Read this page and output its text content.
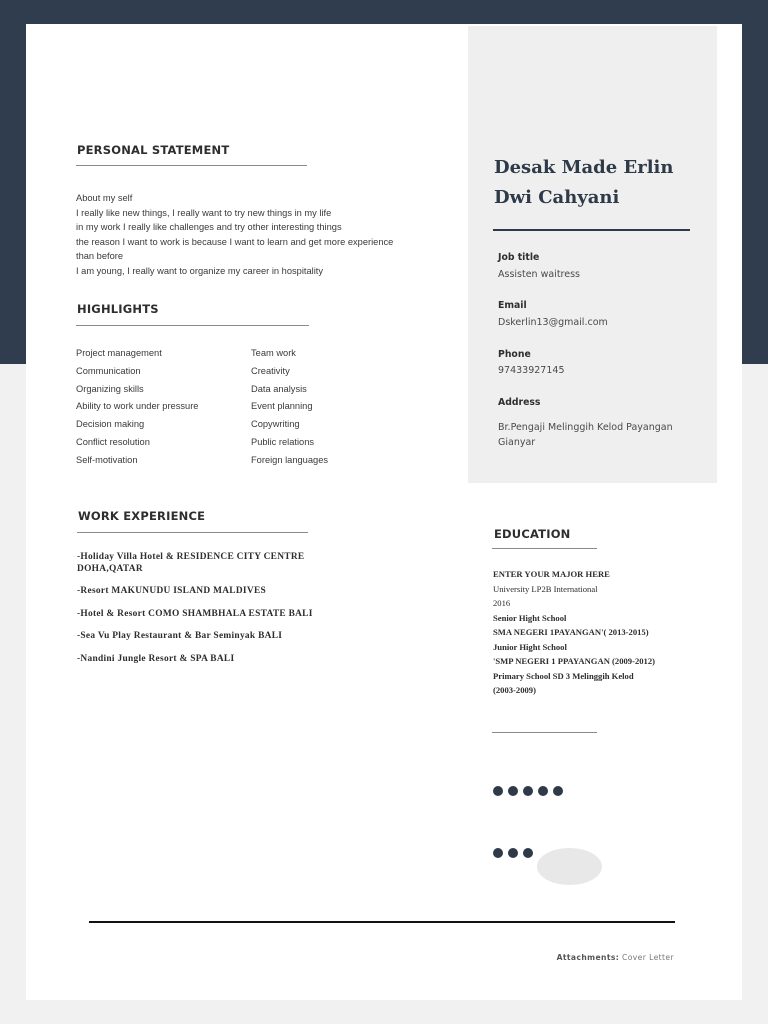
PERSONAL STATEMENT
About my self
I really like new things, I really want to try new things in my life
in my work I really like challenges and try other interesting things
the reason I want to work is because I want to learn and get more experience
than before
I am young, I really want to organize my career in hospitality
HIGHLIGHTS
Project management
Communication
Organizing skills
Ability to work under pressure
Decision making
Conflict resolution
Self-motivation
Team work
Creativity
Data analysis
Event planning
Copywriting
Public relations
Foreign languages
WORK EXPERIENCE
-Holiday Villa Hotel & RESIDENCE CITY CENTRE DOHA,QATAR
-Resort MAKUNUDU ISLAND MALDIVES
-Hotel & Resort COMO SHAMBHALA ESTATE BALI
-Sea Vu Play Restaurant & Bar Seminyak BALI
-Nandini Jungle Resort & SPA BALI
Desak Made Erlin
Dwi Cahyani
Job title
Assisten waitress
Email
Dskerlin13@gmail.com
Phone
97433927145
Address
Br.Pengaji Melinggih Kelod Payangan
Gianyar
EDUCATION
ENTER YOUR MAJOR HERE
University LP2B International
2016
Senior Hight School
SMA NEGERI 1PAYANGAN'( 2013-2015)
Junior Hight School
'SMP NEGERI 1 PPAYANGAN (2009-2012)
Primary School SD 3 Melinggih Kelod
(2003-2009)
Attachments: Cover Letter
